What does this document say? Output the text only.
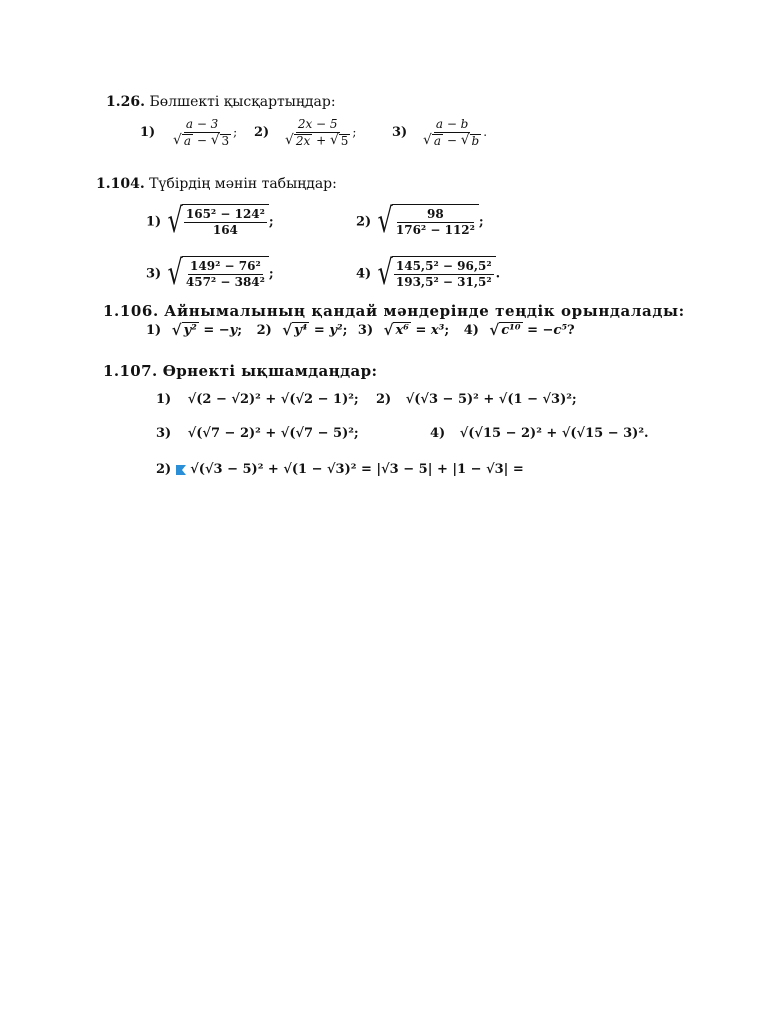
1.26. Бөлшекті қысқартыңдар:
$1) \frac{a - 3}{√ a - √ 3}$ ; $2) \frac{2x - 5}{√ 2x + √ 5}$ ;	$3) \frac{a - b}{√ a - √ b}$ .
1.104. Түбірдің мәнін табыңдар:
1) √ $\frac{\text{165² − 124²}}{164}$ ;	2) √ $\frac{98}{\text{176² − 112²}}$ ;
3) √ $\frac{\text{149² − 76²}}{\text{457² − 384²}}$ ;	4) √ $\frac{\text{145,5² − 96,5²}}{\text{193,5² − 31,5²}}$ .
1.106. Айнымалының қандай мәндерінде теңдік орындалады:
1) √ y² = −y; 2) √ y⁴ = y²; 3) √ x⁶ = x³; 4) √ c¹⁰ = −c⁵?
1.107. Өрнекті ықшамдаңдар:
1) √(2 − √2)² + √(√2 − 1)²; 2) √(√3 − 5)² + √(1 − √3)²;
3) √(√7 − 2)² + √(√7 − 5)²;	4) √(√15 − 2)² + √(√15 − 3)².
2) √(√3 − 5)² + √(1 − √3)² = |√3 − 5| + |1 − √3| =
